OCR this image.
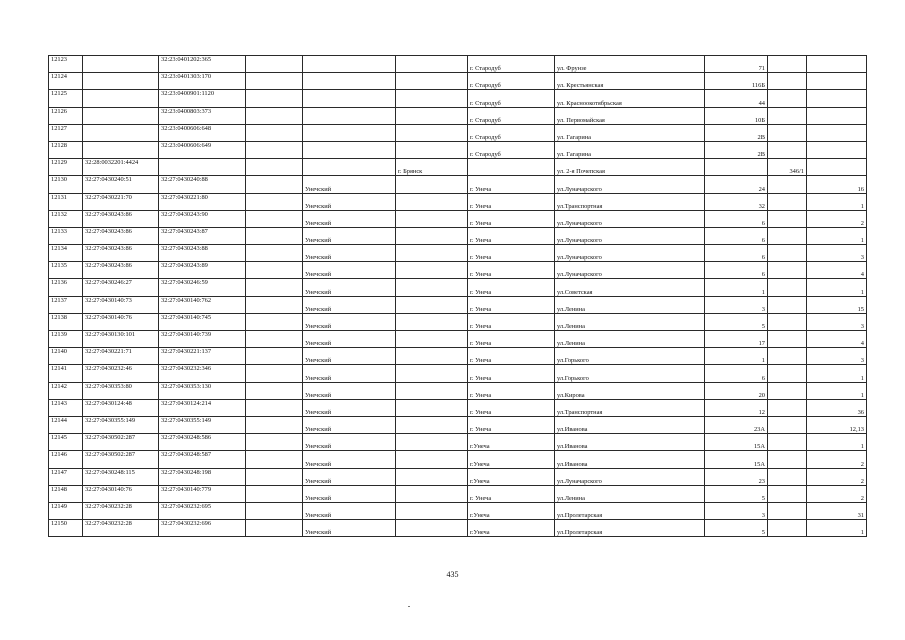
12123		32:23:0401202:365				г. Стародуб	ул. Фрунзе	71		
12124		32:23:0401303:170				г. Стародуб	ул. Крестьянская	116Б		
12125		32:23:0400901:1120				г. Стародуб	ул. Красноокотябрьская	44		
12126		32:23:0400803:373				г. Стародуб	ул. Первомайская	10Б		
12127		32:23:0400606:648				г. Стародуб	ул. Гагарина	2В		
12128		32:23:0400606:649				г. Стародуб	ул. Гагарина	2В		
12129	32:28:0032201:4424				г. Брянск		ул. 2-я Почепская		346/1	
12130	32:27:0430240:51	32:27:0430240:88		Унечский		г. Унеча	ул.Луначарского	24		16
12131	32:27:0430221:70	32:27:0430221:80		Унечский		г. Унеча	ул.Транспортная	32		1
12132	32:27:0430243:86	32:27:0430243:90		Унечский		г. Унеча	ул.Луначарского	6		2
12133	32:27:0430243:86	32:27:0430243:87		Унечский		г. Унеча	ул.Луначарского	6		1
12134	32:27:0430243:86	32:27:0430243:88		Унечский		г. Унеча	ул.Луначарского	6		3
12135	32:27:0430243:86	32:27:0430243:89		Унечский		г. Унеча	ул.Луначарского	6		4
12136	32:27:0430246:27	32:27:0430246:59		Унечский		г. Унеча	ул.Советская	1		1
12137	32:27:0430140:73	32:27:0430140:762		Унечский		г. Унеча	ул.Ленина	3		15
12138	32:27:0430140:76	32:27:0430140:745		Унечский		г. Унеча	ул.Ленина	5		3
12139	32:27:0430130:101	32:27:0430140:739		Унечский		г. Унеча	ул.Ленина	17		4
12140	32:27:0430221:71	32:27:0430221:137		Унечский		г. Унеча	ул.Горького	1		3
12141	32:27:0430232:46	32:27:0430232:346		Унечский		г. Унеча	ул.Горького	6		1
12142	32:27:0430353:80	32:27:0430353:130		Унечский		г. Унеча	ул.Кирова	20		1
12143	32:27:0430124:48	32:27:0430124:214		Унечский		г. Унеча	ул.Транспортная	12		36
12144	32:27:0430355:149	32:27:0430355:149		Унечский		г. Унеча	ул.Иванова	23А		12,13
12145	32:27:0430502:287	32:27:0430248:586		Унечский		г.Унеча	ул.Иванова	15А		1
12146	32:27:0430502:287	32:27:0430248:587		Унечский		г.Унеча	ул.Иванова	15А		2
12147	32:27:0430248:115	32:27:0430248:198		Унечский		г.Унеча	ул.Луначарского	23		2
12148	32:27:0430140:76	32:27:0430140:779		Унечский		г. Унеча	ул.Ленина	5		2
12149	32:27:0430232:28	32:27:0430232:695		Унечский		г.Унеча	ул.Пролетарская	3		31
12150	32:27:0430232:28	32:27:0430232:696		Унечский		г.Унеча	ул.Пролетарская	5		1
435
